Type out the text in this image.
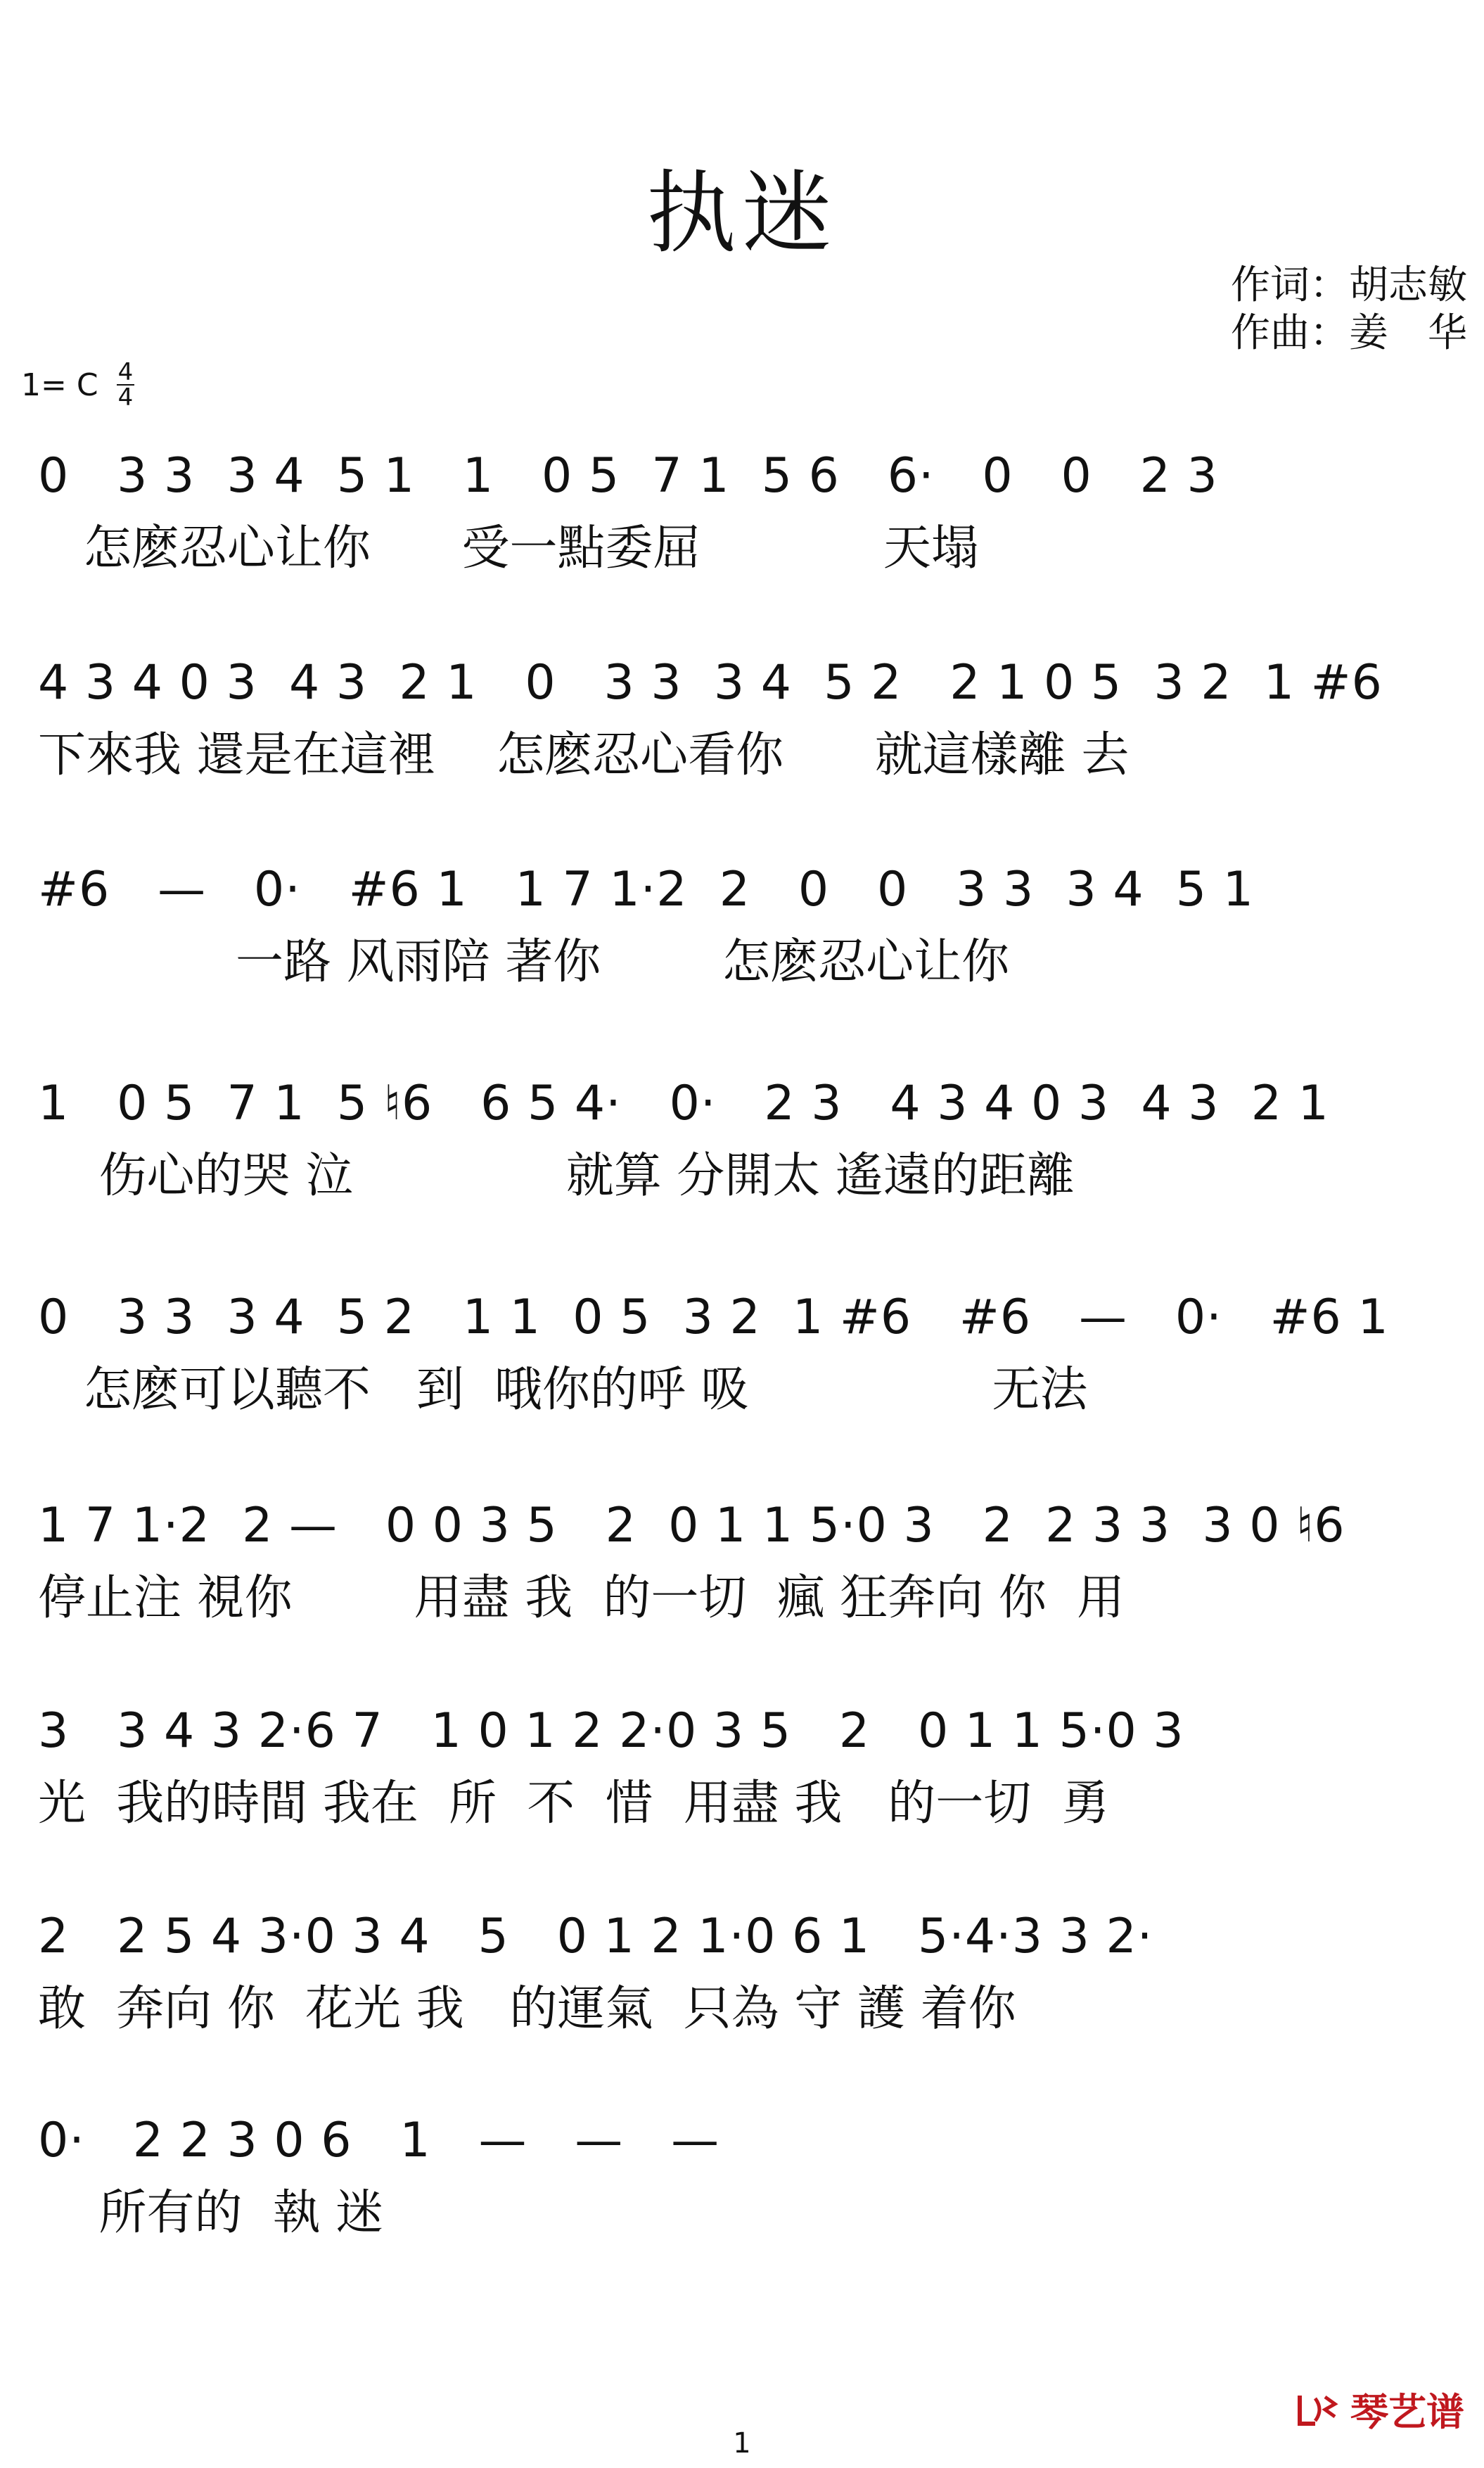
执迷
作词：胡志敏
作曲：姜　华
1= C 4
4
0   3 3  3 4  5 1   1   0 5  7 1  5 6   6·   0   0   2 3
怎麽忍心让你      受一點委屈            天塌
4 3 4 0 3  4 3  2 1   0   3 3  3 4  5 2   2 1 0 5  3 2  1 #6
下來我 還是在這裡    怎麽忍心看你      就這樣離 去
#6   —   0·   #6 1   1 7 1·2  2   0   0   3 3  3 4  5 1
一路 风雨陪 著你        怎麽忍心让你
1   0 5  7 1  5 ♮6   6 5 4·   0·   2 3   4 3 4 0 3  4 3  2 1
伤心的哭 泣              就算 分開太 遙遠的距離
0   3 3  3 4  5 2   1 1  0 5  3 2  1 #6   #6   —   0·   #6 1
怎麽可以聽不   到  哦你的呼 吸                无法
1 7 1·2  2 —   0 0 3 5   2  0 1 1 5·0 3   2  2 3 3  3 0 ♮6
停止注 視你        用盡 我  的一切  瘋 狂奔向 你  用
3   3 4 3 2·6 7   1 0 1 2 2·0 3 5   2   0 1 1 5·0 3
光  我的時間 我在  所  不  惜  用盡 我   的一切  勇
2   2 5 4 3·0 3 4   5   0 1 2 1·0 6 1   5·4·3 3 2·
敢  奔向 你  花光 我   的運氣  只為 守 護 着你
0·   2 2 3 0 6   1   —   —   —
所有的  執 迷
琴艺谱
1
